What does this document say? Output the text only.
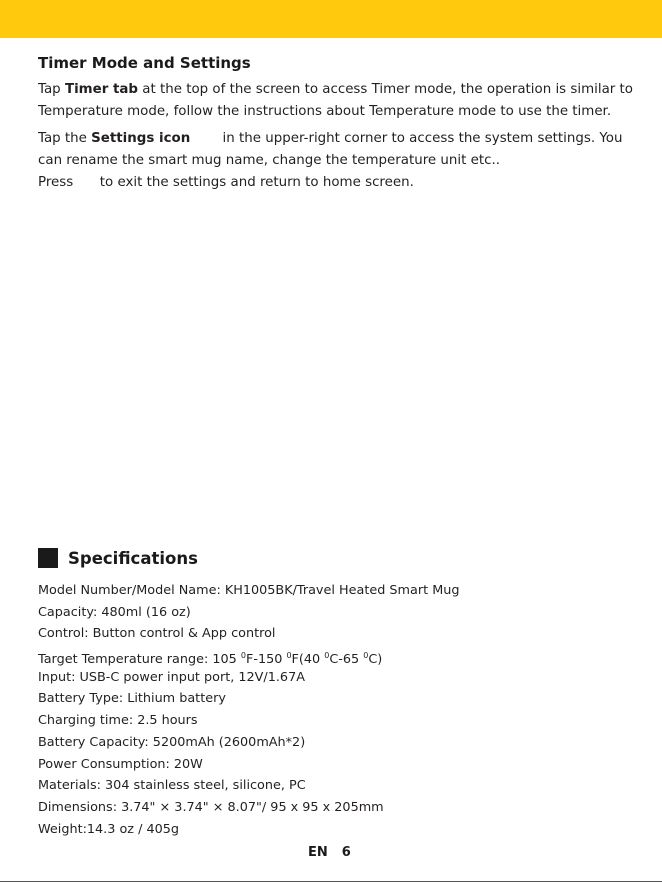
Timer Mode and Settings

Tap Timer tab at the top of the screen to access Timer mode, the operation is similar to Temperature mode, follow the instructions about Temperature mode to use the timer.

Tap the Settings icon in the upper-right corner to access the system settings. You can rename the smart mug name, change the temperature unit etc..

Press to exit the settings and return to home screen.

Specifications
Model Number/Model Name: KH1005BK/Travel Heated Smart Mug
Capacity: 480ml (16 oz)
Control: Button control & App control
Target Temperature range: 105 $^0$F-150 $^0$F(40 $^0$C-65 $^0$C)
Input: USB-C power input port, 12V/1.67A
Battery Type: Lithium battery
Charging time: 2.5 hours
Battery Capacity: 5200mAh (2600mAh*2)
Power Consumption: 20W
Materials: 304 stainless steel, silicone, PC
Dimensions: 3.74" × 3.74" × 8.07"/ 95 x 95 x 205mm
Weight:14.3 oz / 405g
EN 6
